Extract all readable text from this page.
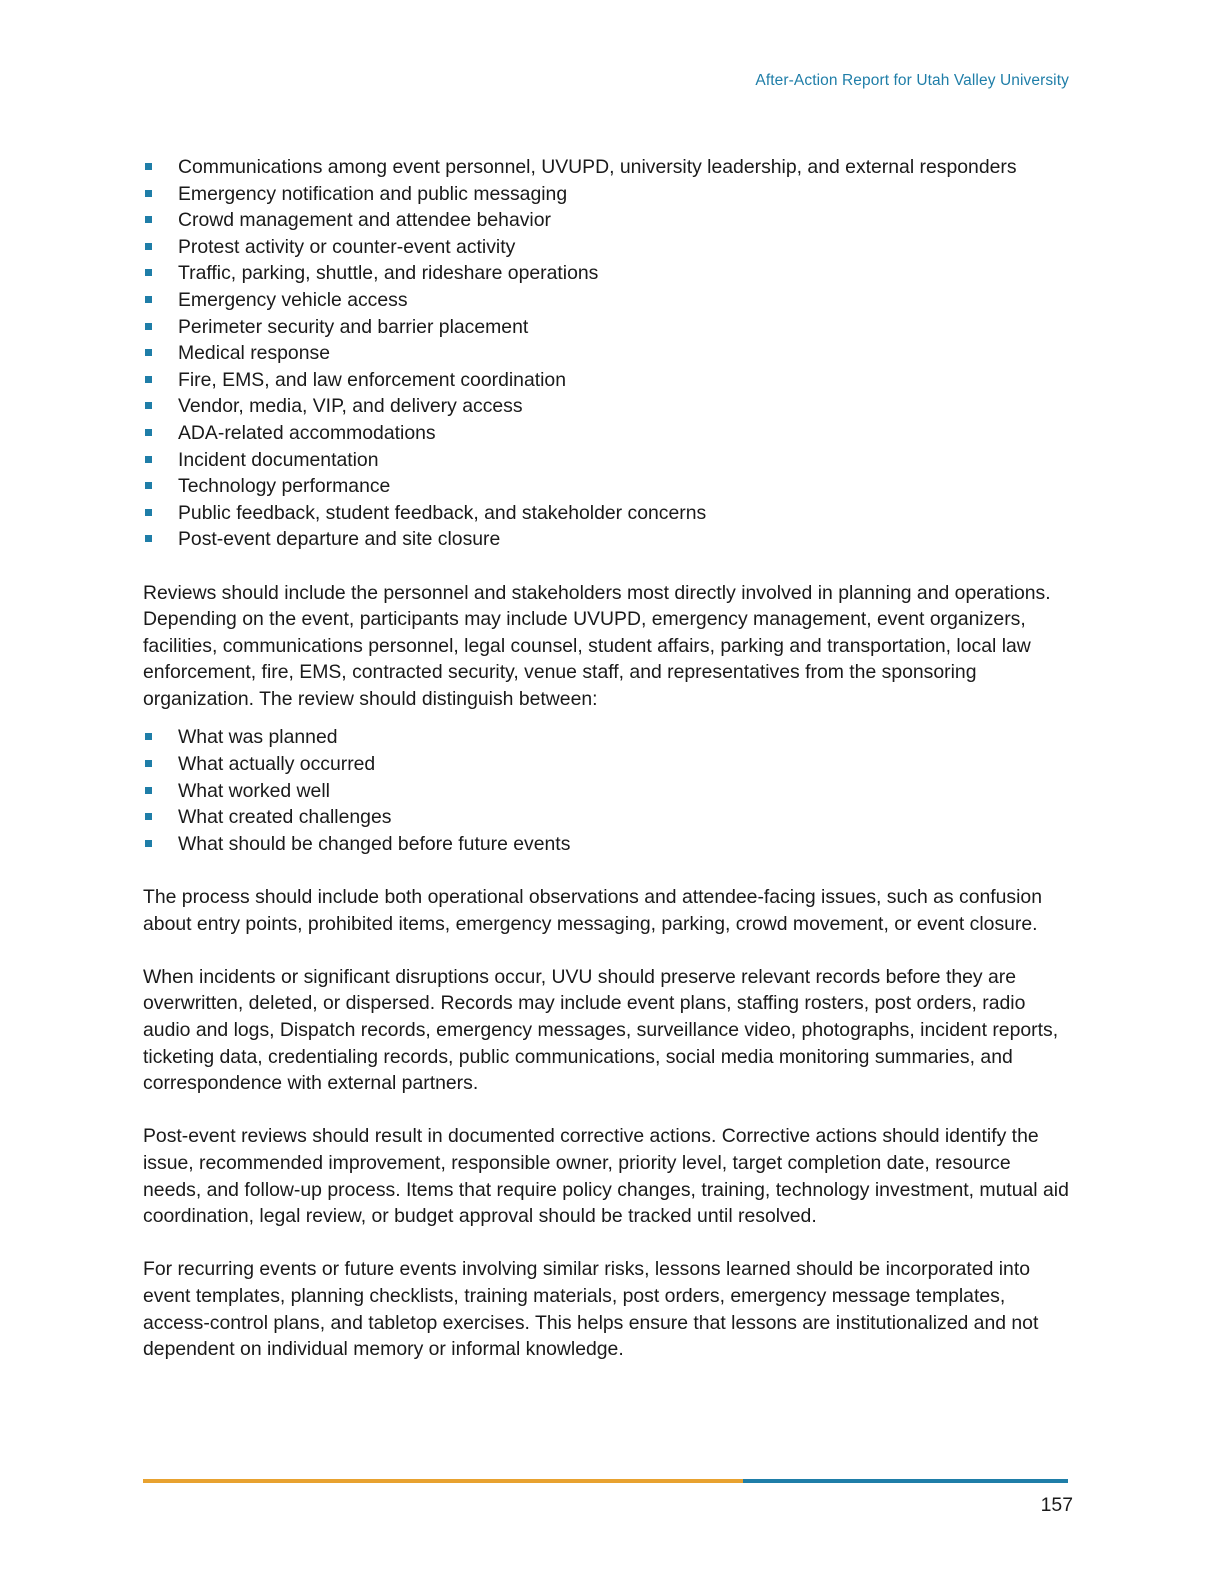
After-Action Report for Utah Valley University
Communications among event personnel, UVUPD, university leadership, and external responders
Emergency notification and public messaging
Crowd management and attendee behavior
Protest activity or counter-event activity
Traffic, parking, shuttle, and rideshare operations
Emergency vehicle access
Perimeter security and barrier placement
Medical response
Fire, EMS, and law enforcement coordination
Vendor, media, VIP, and delivery access
ADA-related accommodations
Incident documentation
Technology performance
Public feedback, student feedback, and stakeholder concerns
Post-event departure and site closure

Reviews should include the personnel and stakeholders most directly involved in planning and operations. Depending on the event, participants may include UVUPD, emergency management, event organizers, facilities, communications personnel, legal counsel, student affairs, parking and transportation, local law enforcement, fire, EMS, contracted security, venue staff, and representatives from the sponsoring organization. The review should distinguish between:

What was planned
What actually occurred
What worked well
What created challenges
What should be changed before future events

The process should include both operational observations and attendee-facing issues, such as confusion about entry points, prohibited items, emergency messaging, parking, crowd movement, or event closure.

When incidents or significant disruptions occur, UVU should preserve relevant records before they are overwritten, deleted, or dispersed. Records may include event plans, staffing rosters, post orders, radio audio and logs, Dispatch records, emergency messages, surveillance video, photographs, incident reports, ticketing data, credentialing records, public communications, social media monitoring summaries, and correspondence with external partners.

Post-event reviews should result in documented corrective actions. Corrective actions should identify the issue, recommended improvement, responsible owner, priority level, target completion date, resource needs, and follow-up process. Items that require policy changes, training, technology investment, mutual aid coordination, legal review, or budget approval should be tracked until resolved.

For recurring events or future events involving similar risks, lessons learned should be incorporated into event templates, planning checklists, training materials, post orders, emergency message templates, access-control plans, and tabletop exercises. This helps ensure that lessons are institutionalized and not dependent on individual memory or informal knowledge.

157
